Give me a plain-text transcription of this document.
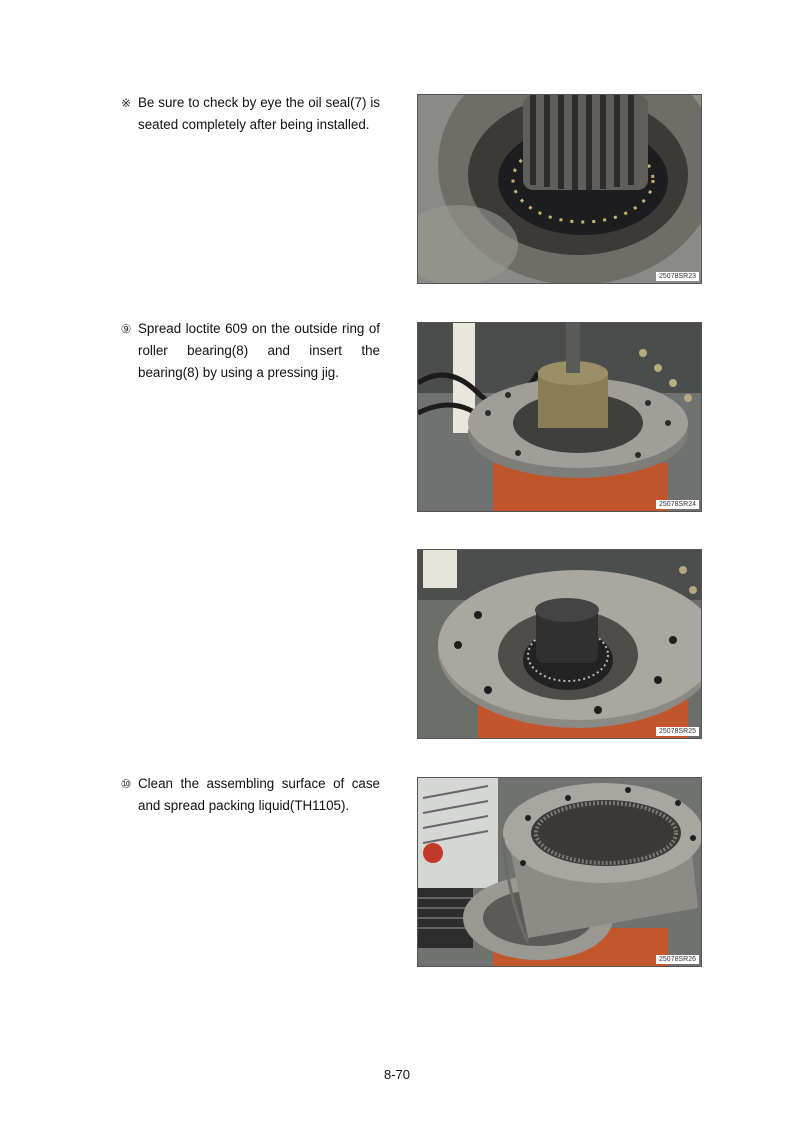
※ Be sure to check by eye the oil seal(7) is seated completely after being installed.
⑨ Spread loctite 609 on the outside ring of roller bearing(8) and insert the bearing(8) by using a pressing jig.
⑩ Clean the assembling surface of case and spread packing liquid(TH1105).
25078SR23
25078SR24
25078SR25
25078SR26
8-70
